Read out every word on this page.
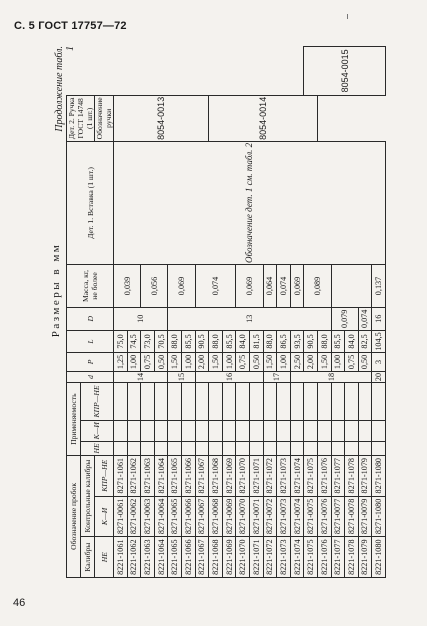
С. 5 ГОСТ 17757—72
46
Продолжение табл. 1
Размеры в мм
Обозначение пробок			Применяемость			d	P	L	D	Масса, кг, не более	Дет. 1. Вставка (1 шт.)	Дет. 2. Ручка ГОСТ 14748 (1 шт.)	
Калибры	Контрольные калибры		НЕ	К—И	КПР—НЕ								
НЕ	К—И	КПР—НЕ										Обозначение ручки	
8221-1061	8271-0061	8271-1061				14	1,25	75,0	10	0,039	Обозначение дет. 1 см. табл. 2	8054-0013	
8221-1062	8271-0062	8271-1062					1,00	74,5					
8221-1063	8271-0063	8271-1063					0,75	73,0		0,056			
8221-1064	8271-0064	8271-1064					0,50	70,5					
8221-1065	8271-0065	8271-1065				15	1,50	88,0	13	0,069			
8221-1066	8271-0066	8271-1066					1,00	85,5					
8221-1067	8271-0067	8271-1067				16	2,00	90,5		0,074			
8221-1068	8271-0068	8271-1068					1,50	88,0				8054-0014	
8221-1069	8271-0069	8271-1069					1,00	85,5					
8221-1070	8271-0070	8271-1070					0,75	84,0		0,069			
8221-1071	8271-0071	8271-1071					0,50	81,5					
8221-1072	8271-0072	8271-1072				17	1,50	88,0		0,064			
8221-1073	8271-0073	8271-1073					1,00	86,5		0,074			
8221-1074	8271-0074	8271-1074				18	2,50	93,5		0,069			
8221-1075	8271-0075	8271-1075					2,00	90,5		0,089			8054-0015
8221-1076	8271-0076	8271-1076					1,50	88,0					
8221-1077	8271-0077	8271-1077					1,00	85,5	0,079				
8221-1078	8271-0078	8271-1078					0,75	84,0					
8221-1079	8271-0079	8271-1079					0,50	82,5	0,074				
8221-1080	8271-1080	8271-1080				20	3	104,5	16	0,137			
